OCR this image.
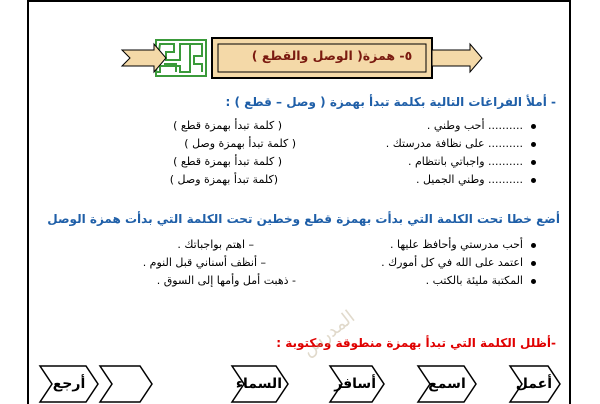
٥- همزة( الوصل والقطع )
- أملأ الفراغات التالية بكلمة تبدأ بهمزة ( وصل – قطع ) :
.......... أحب وطني .
( كلمة تبدأ بهمزة قطع )
.......... على نظافة مدرستك .
( كلمة تبدأ بهمزة وصل )
.......... واجباتي بانتظام .
( كلمة تبدأ بهمزة قطع )
.......... وطني الجميل .
(كلمة تبدأ بهمزة وصل )
أضع خطا تحت الكلمة التي بدأت بهمزة قطع وخطين تحت الكلمة التي بدأت همزة الوصل
أحب مدرستي وأحافظ عليها .
– اهتم بواجباتك .
اعتمد على الله في كل أمورك .
– أنظف أسناني قبل النوم .
المكتبة مليئة بالكتب .
- ذهبت أمل وأمها إلى السوق .
-أظلل الكلمة التي تبدأ بهمزة منطوقة ومكتوبة :
أعمل
اسمع
أسافر
السماء
أرجع
المدرس
